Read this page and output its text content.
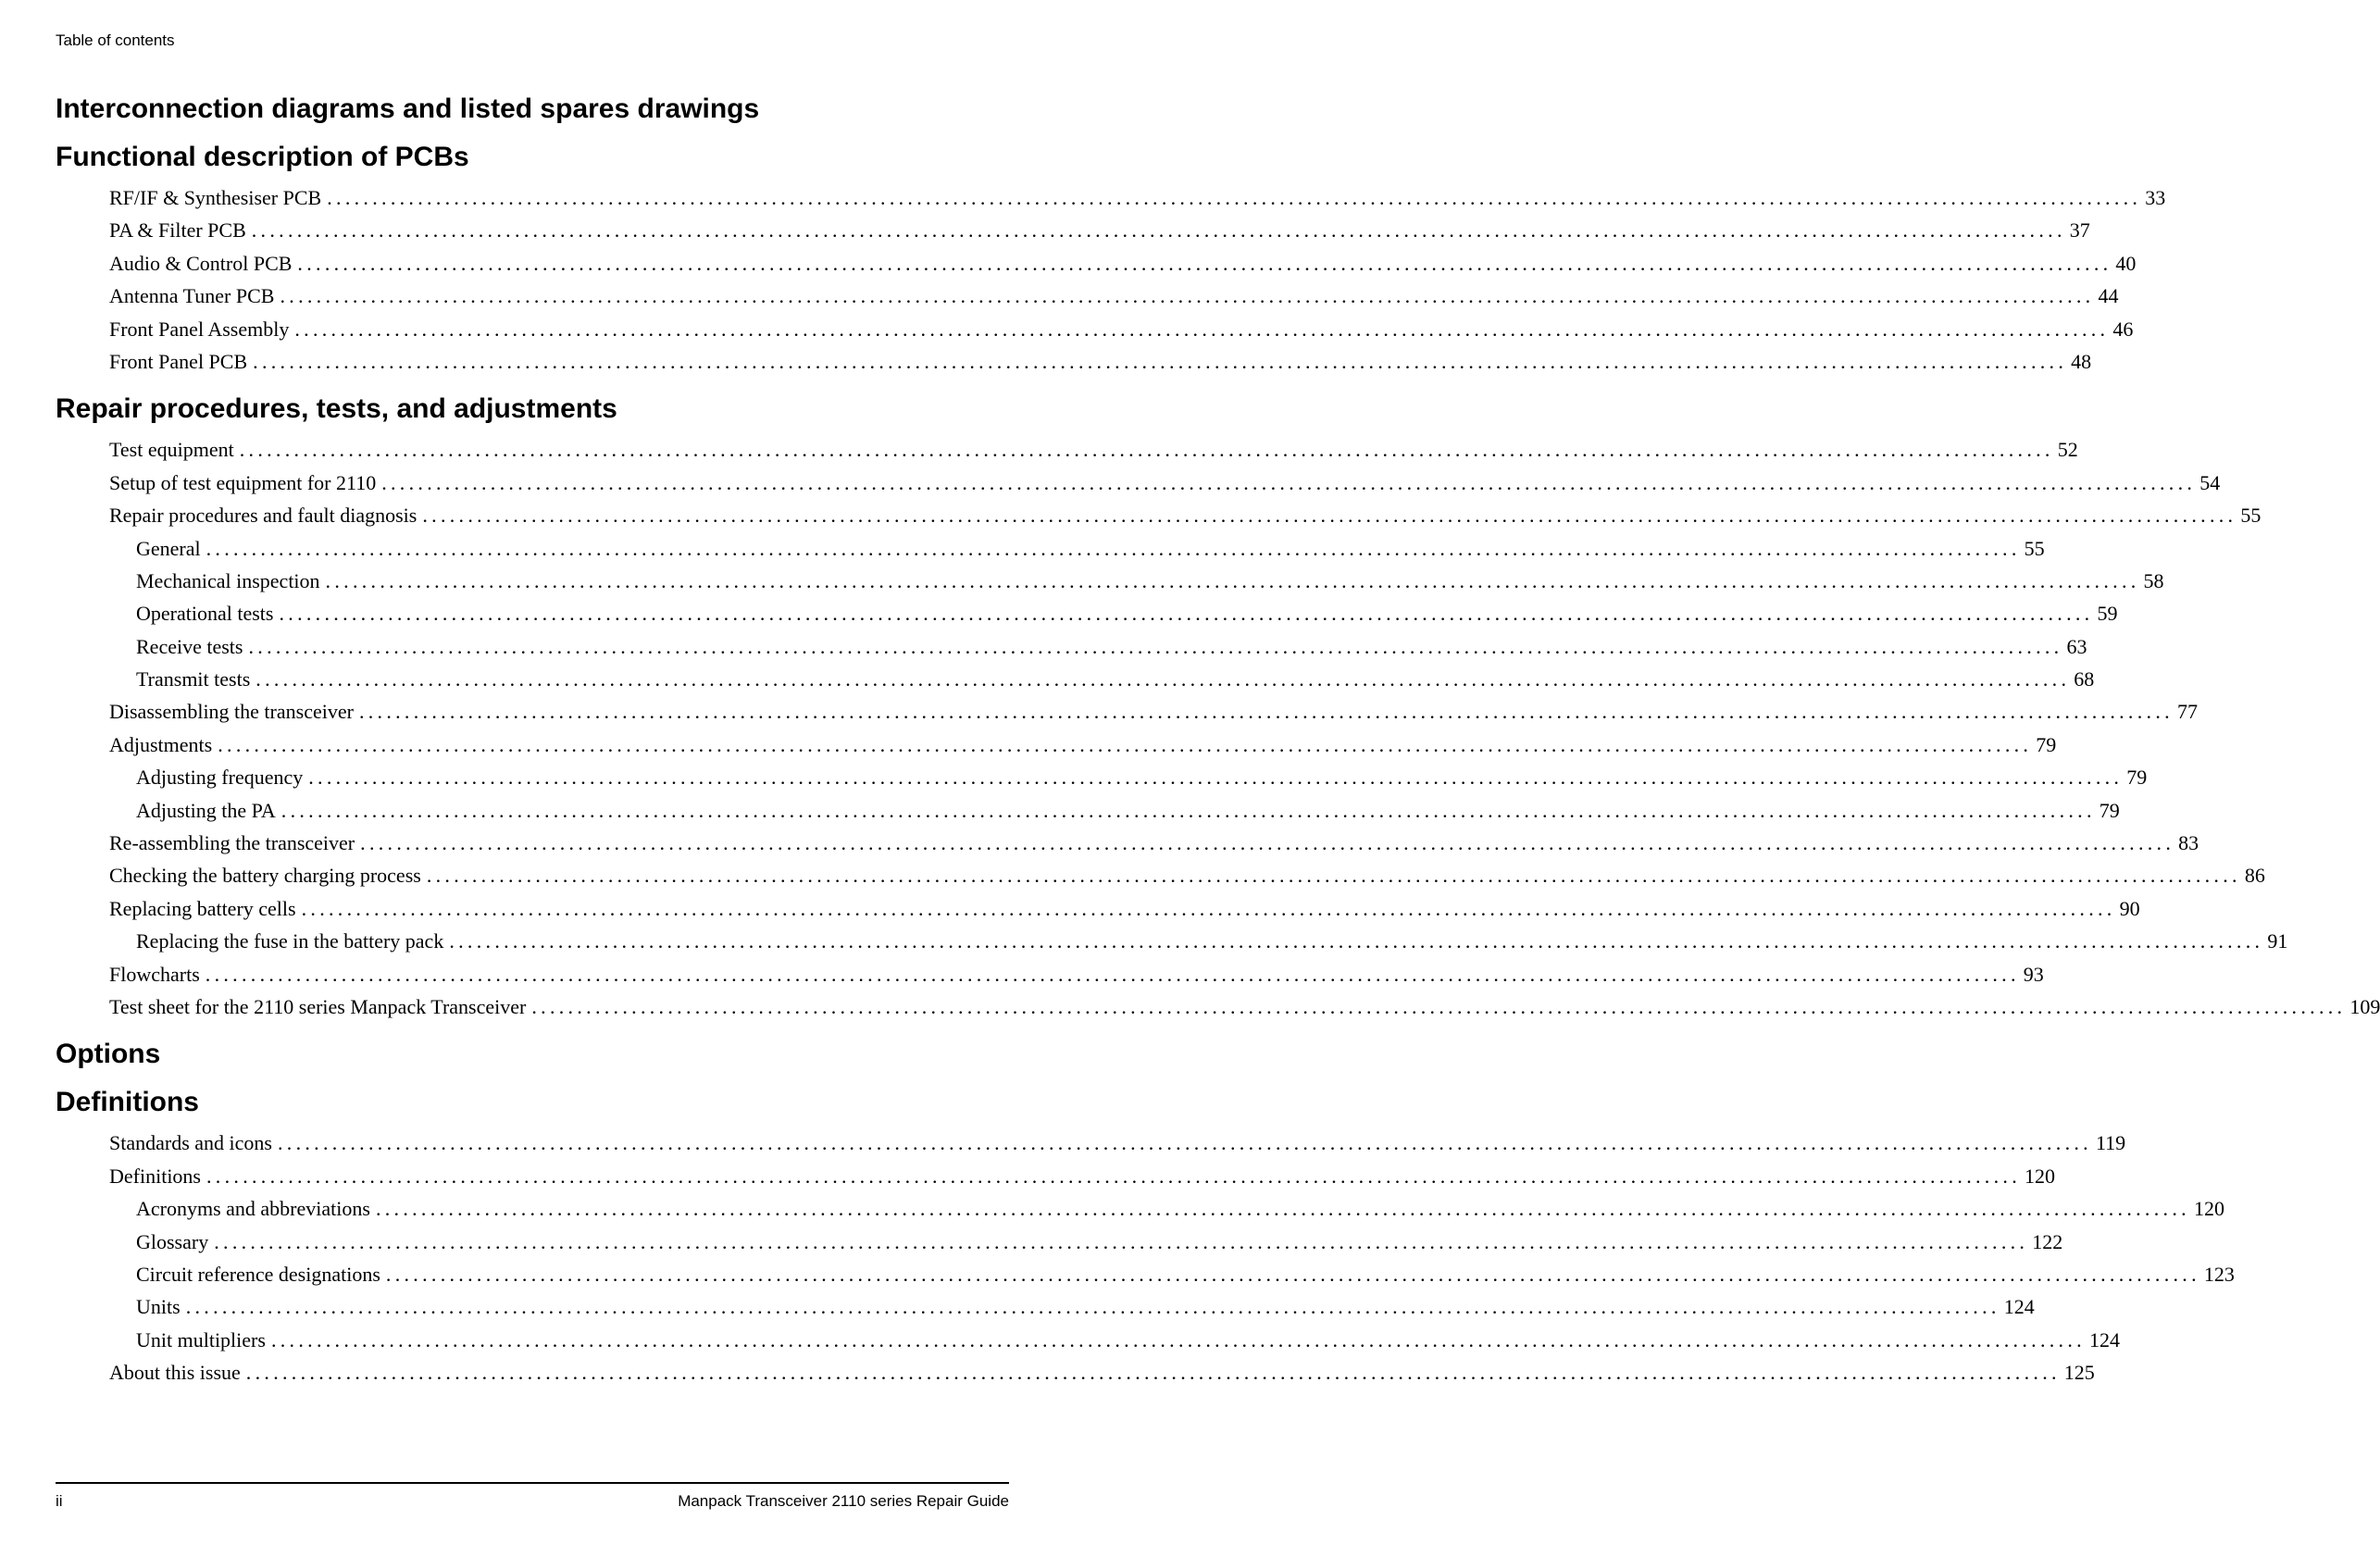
Table of contents
Interconnection diagrams and listed spares drawings
Functional description of PCBs
RF/IF & Synthesiser PCB ........................................................................................................................................................................................................ 33
PA & Filter PCB ........................................................................................................................................................................................................ 37
Audio & Control PCB ........................................................................................................................................................................................................ 40
Antenna Tuner PCB ........................................................................................................................................................................................................ 44
Front Panel Assembly ........................................................................................................................................................................................................ 46
Front Panel PCB ........................................................................................................................................................................................................ 48
Repair procedures, tests, and adjustments
Test equipment ........................................................................................................................................................................................................ 52
Setup of test equipment for 2110 ........................................................................................................................................................................................................ 54
Repair procedures and fault diagnosis ........................................................................................................................................................................................................ 55
General ........................................................................................................................................................................................................ 55
Mechanical inspection ........................................................................................................................................................................................................ 58
Operational tests ........................................................................................................................................................................................................ 59
Receive tests ........................................................................................................................................................................................................ 63
Transmit tests ........................................................................................................................................................................................................ 68
Disassembling the transceiver ........................................................................................................................................................................................................ 77
Adjustments ........................................................................................................................................................................................................ 79
Adjusting frequency ........................................................................................................................................................................................................ 79
Adjusting the PA ........................................................................................................................................................................................................ 79
Re-assembling the transceiver ........................................................................................................................................................................................................ 83
Checking the battery charging process ........................................................................................................................................................................................................ 86
Replacing battery cells ........................................................................................................................................................................................................ 90
Replacing the fuse in the battery pack ........................................................................................................................................................................................................ 91
Flowcharts ........................................................................................................................................................................................................ 93
Test sheet for the 2110 series Manpack Transceiver ........................................................................................................................................................................................................ 109
Options
Definitions
Standards and icons ........................................................................................................................................................................................................ 119
Definitions ........................................................................................................................................................................................................ 120
Acronyms and abbreviations ........................................................................................................................................................................................................ 120
Glossary ........................................................................................................................................................................................................ 122
Circuit reference designations ........................................................................................................................................................................................................ 123
Units ........................................................................................................................................................................................................ 124
Unit multipliers ........................................................................................................................................................................................................ 124
About this issue ........................................................................................................................................................................................................ 125
ii	Manpack Transceiver 2110 series Repair Guide
